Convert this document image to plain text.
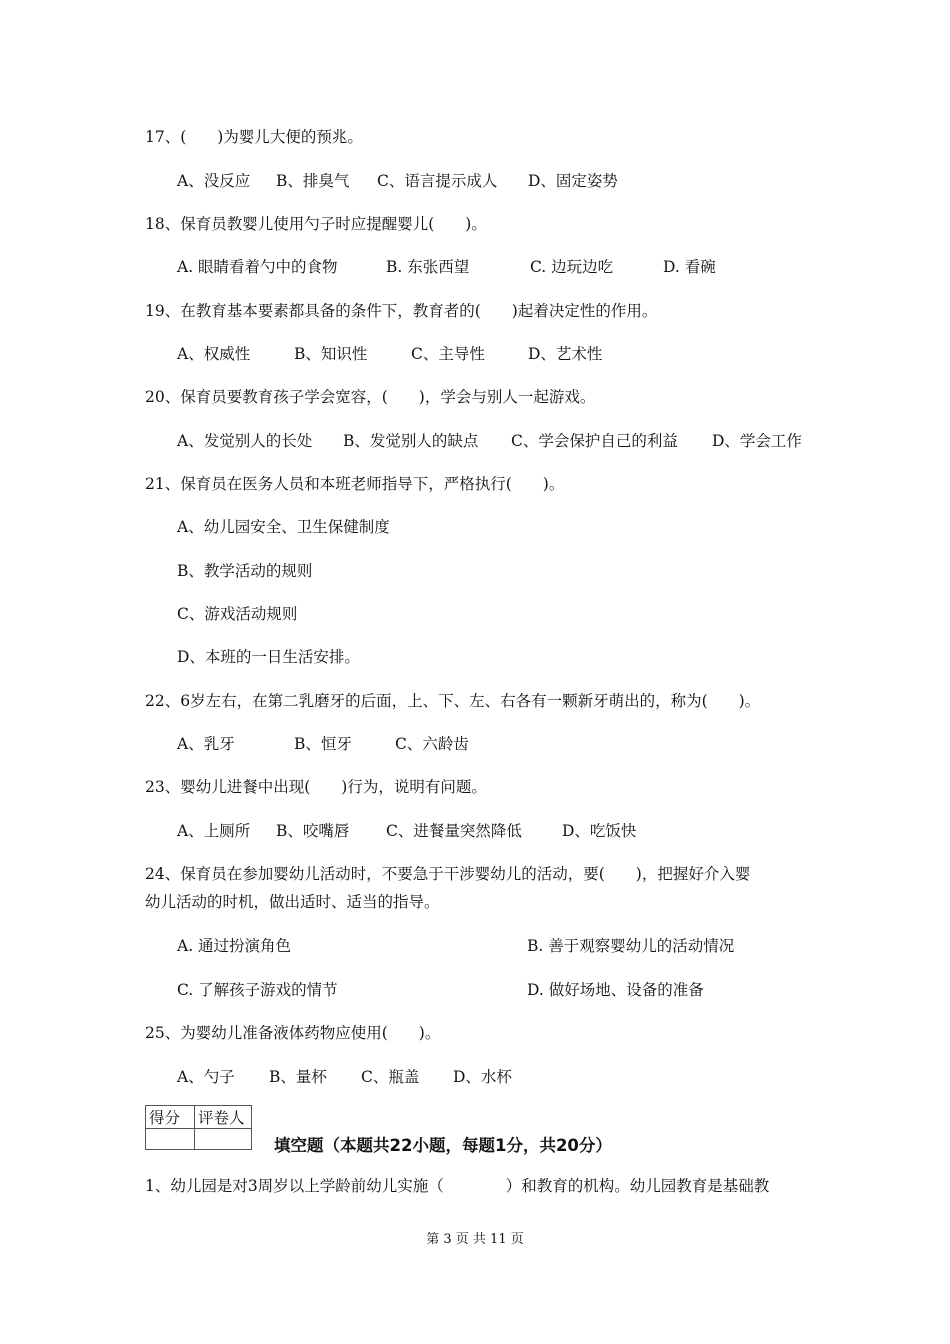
17、(　　)为婴儿大便的预兆。
A、没反应 B、排臭气 C、语言提示成人 D、固定姿势
18、保育员教婴儿使用勺子时应提醒婴儿(　　)。
A. 眼睛看着勺中的食物	B. 东张西望	C. 边玩边吃	D. 看碗
19、在教育基本要素都具备的条件下，教育者的(　　)起着决定性的作用。
A、权威性	B、知识性	C、主导性	D、艺术性
20、保育员要教育孩子学会宽容，(　　)，学会与别人一起游戏。
A、发觉别人的长处 B、发觉别人的缺点 C、学会保护自己的利益 D、学会工作
21、保育员在医务人员和本班老师指导下，严格执行(　　)。
A、幼儿园安全、卫生保健制度
B、教学活动的规则
C、游戏活动规则
D、本班的一日生活安排。
22、6岁左右，在第二乳磨牙的后面，上、下、左、右各有一颗新牙萌出的，称为(　　)。
A、乳牙	B、恒牙	C、六龄齿
23、婴幼儿进餐中出现(　　)行为，说明有问题。
A、上厕所 B、咬嘴唇 C、进餐量突然降低	D、吃饭快
24、保育员在参加婴幼儿活动时，不要急于干涉婴幼儿的活动，要(　　)，把握好介入婴
幼儿活动的时机，做出适时、适当的指导。
A. 通过扮演角色	B. 善于观察婴幼儿的活动情况
C. 了解孩子游戏的情节	D. 做好场地、设备的准备
25、为婴幼儿准备液体药物应使用(　　)。
A、勺子 B、量杯 C、瓶盖 D、水杯
得分	评卷人

填空题（本题共22小题，每题1分，共20分）
1、幼儿园是对3周岁以上学龄前幼儿实施（　　　　）和教育的机构。幼儿园教育是基础教
第 3 页 共 11 页
